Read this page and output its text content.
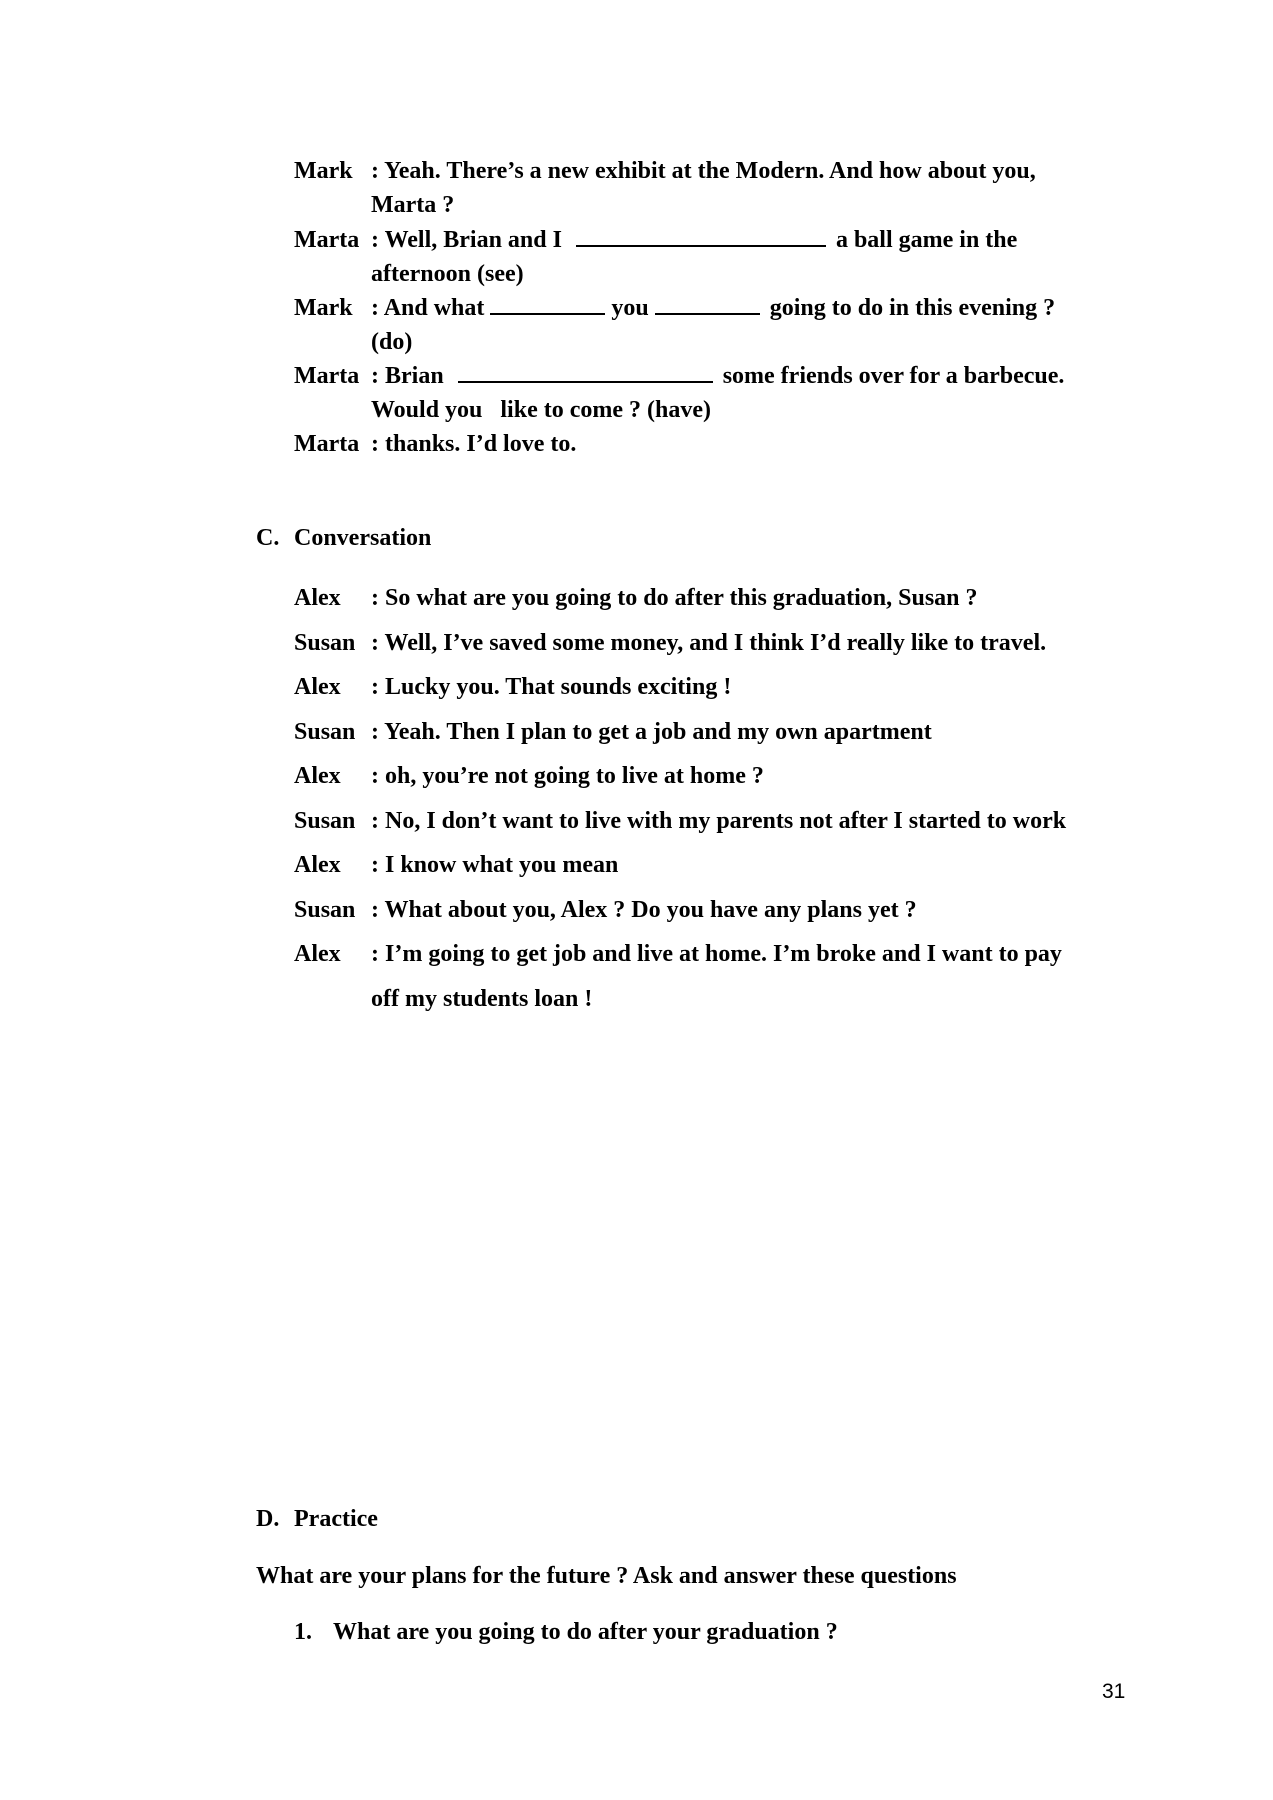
Mark : Yeah. There’s a new exhibit at the Modern. And how about you,
Marta ?
Marta : Well, Brian and I	a ball game in the
afternoon (see)
Mark : And what	you	going to do in this evening ?
(do)
Marta : Brian	some friends over for a barbecue.
Would you   like to come ? (have)
Marta : thanks. I’d love to.
C. Conversation
Alex : So what are you going to do after this graduation, Susan ?
Susan : Well, I’ve saved some money, and I think I’d really like to travel.
Alex : Lucky you. That sounds exciting !
Susan : Yeah. Then I plan to get a job and my own apartment
Alex : oh, you’re not going to live at home ?
Susan : No, I don’t want to live with my parents not after I started to work
Alex : I know what you mean
Susan : What about you, Alex ? Do you have any plans yet ?
Alex : I’m going to get job and live at home. I’m broke and I want to pay
off my students loan !
D. Practice
What are your plans for the future ? Ask and answer these questions
1. What are you going to do after your graduation ?
31
